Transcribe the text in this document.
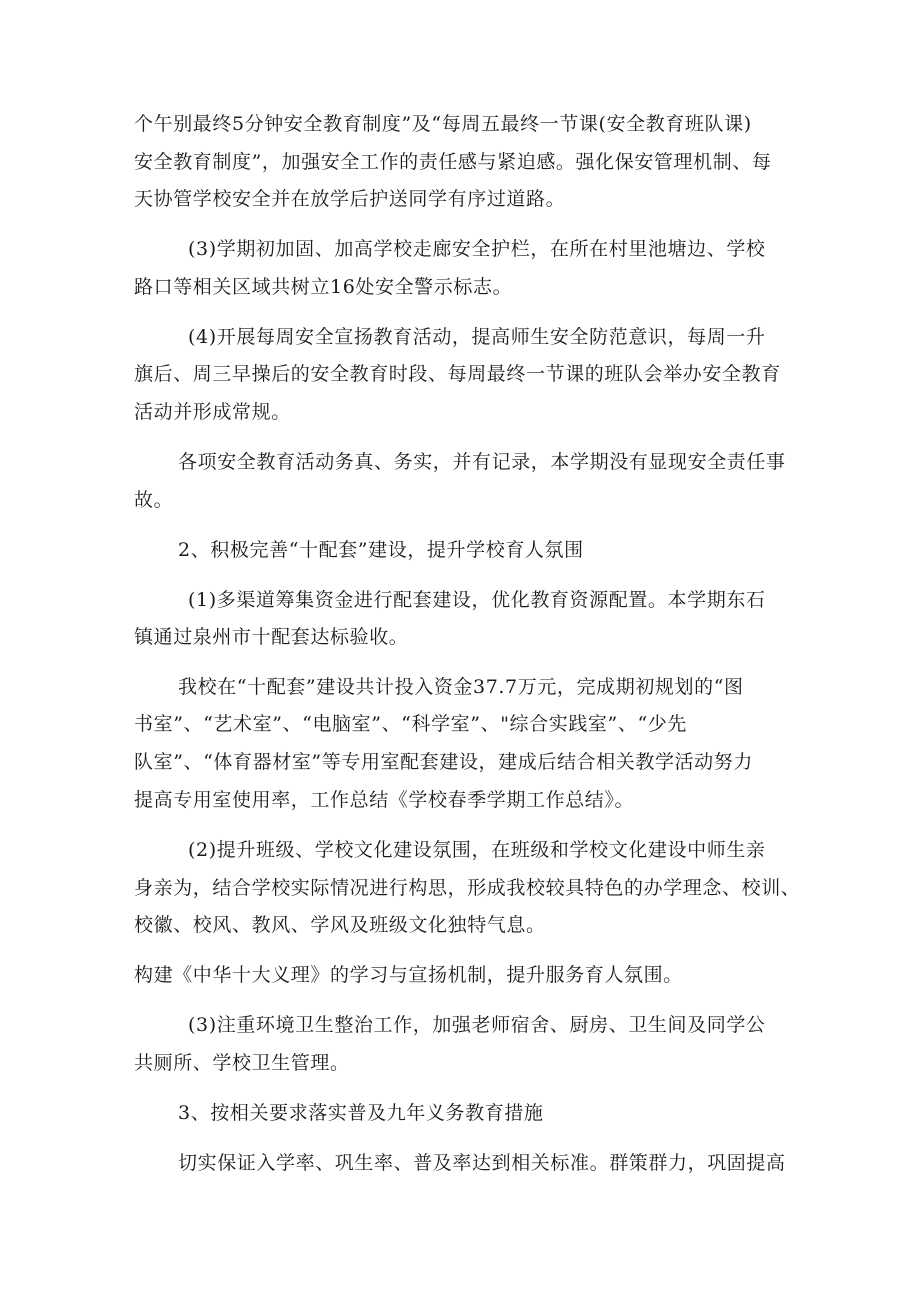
个午别最终5分钟安全教育制度”及“每周五最终一节课(安全教育班队课)
安全教育制度”，加强安全工作的责任感与紧迫感。强化保安管理机制、每
天协管学校安全并在放学后护送同学有序过道路。
(3)学期初加固、加高学校走廊安全护栏，在所在村里池塘边、学校
路口等相关区域共树立16处安全警示标志。
(4)开展每周安全宣扬教育活动，提高师生安全防范意识，每周一升
旗后、周三早操后的安全教育时段、每周最终一节课的班队会举办安全教育
活动并形成常规。
各项安全教育活动务真、务实，并有记录，本学期没有显现安全责任事
故。
2、积极完善“十配套”建设，提升学校育人氛围
(1)多渠道筹集资金进行配套建设，优化教育资源配置。本学期东石
镇通过泉州市十配套达标验收。
我校在“十配套”建设共计投入资金37.7万元，完成期初规划的“图
书室”、“艺术室”、“电脑室”、“科学室”、"综合实践室”、“少先
队室”、“体育器材室”等专用室配套建设，建成后结合相关教学活动努力
提高专用室使用率，工作总结《学校春季学期工作总结》。
(2)提升班级、学校文化建设氛围，在班级和学校文化建设中师生亲
身亲为，结合学校实际情况进行构思，形成我校较具特色的办学理念、校训、
校徽、校风、教风、学风及班级文化独特气息。
构建《中华十大义理》的学习与宣扬机制，提升服务育人氛围。
(3)注重环境卫生整治工作，加强老师宿舍、厨房、卫生间及同学公
共厕所、学校卫生管理。
3、按相关要求落实普及九年义务教育措施
切实保证入学率、巩生率、普及率达到相关标准。群策群力，巩固提高
